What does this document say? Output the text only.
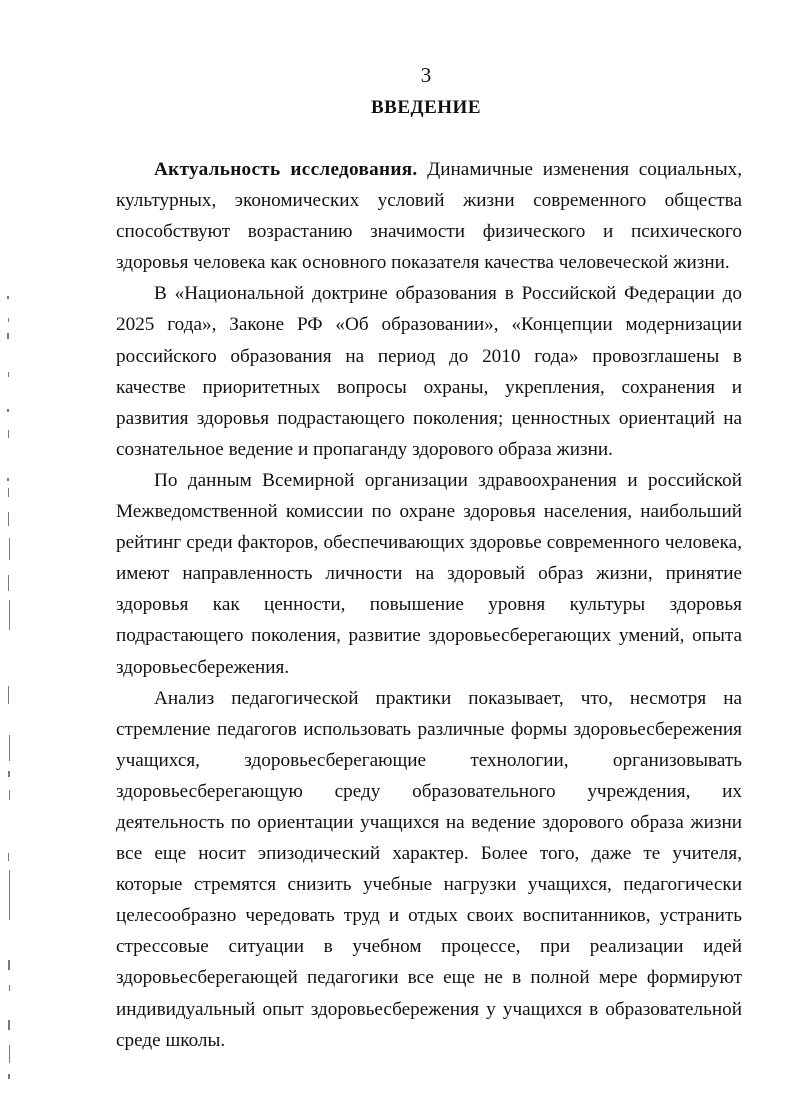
3
ВВЕДЕНИЕ

Актуальность исследования. Динамичные изменения социальных, культурных, экономических условий жизни современного общества способствуют возрастанию значимости физического и психического здоровья человека как основного показателя качества человеческой жизни.

В «Национальной доктрине образования в Российской Федерации до 2025 года», Законе РФ «Об образовании», «Концепции модернизации российского образования на период до 2010 года» провозглашены в качестве приоритетных вопросы охраны, укрепления, сохранения и развития здоровья подрастающего поколения; ценностных ориентаций на сознательное ведение и пропаганду здорового образа жизни.

По данным Всемирной организации здравоохранения и российской Межведомственной комиссии по охране здоровья населения, наибольший рейтинг среди факторов, обеспечивающих здоровье современного человека, имеют направленность личности на здоровый образ жизни, принятие здоровья как ценности, повышение уровня культуры здоровья подрастающего поколения, развитие здоровьесберегающих умений, опыта здоровьесбережения.

Анализ педагогической практики показывает, что, несмотря на стремление педагогов использовать различные формы здоровьесбережения учащихся, здоровьесберегающие технологии, организовывать здоровьесберегающую среду образовательного учреждения, их деятельность по ориентации учащихся на ведение здорового образа жизни все еще носит эпизодический характер. Более того, даже те учителя, которые стремятся снизить учебные нагрузки учащихся, педагогически целесообразно чередовать труд и отдых своих воспитанников, устранить стрессовые ситуации в учебном процессе, при реализации идей здоровьесберегающей педагогики все еще не в полной мере формируют индивидуальный опыт здоровьесбережения у учащихся в образовательной среде школы.
